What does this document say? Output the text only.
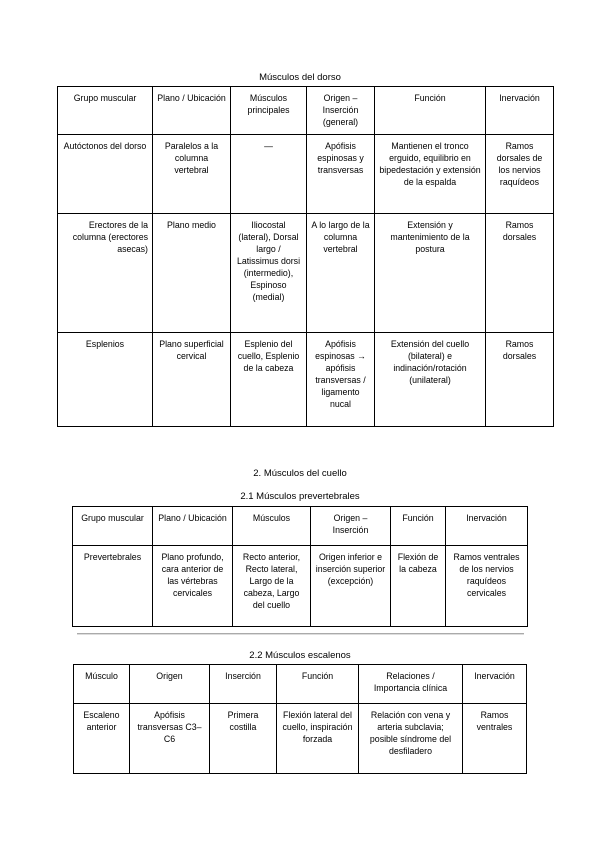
Músculos del dorso
Grupo muscular	Plano / Ubicación	Músculos principales	Origen – Inserción (general)	Función	Inervación
Autóctonos del dorso	Paralelos a la columna vertebral	—	Apófisis espinosas y transversas	Mantienen el tronco erguido, equilibrio en bipedestación y extensión de la espalda	Ramos dorsales de los nervios raquídeos
Erectores de la columna (erectores asecas)	Plano medio	Iliocostal (lateral), Dorsal largo / Latissimus dorsi (intermedio), Espinoso (medial)	A lo largo de la columna vertebral	Extensión y mantenimiento de la postura	Ramos dorsales
Esplenios	Plano superficial cervical	Esplenio del cuello, Esplenio de la cabeza	Apófisis espinosas → apófisis transversas / ligamento nucal	Extensión del cuello (bilateral) e indinación/rotación (unilateral)	Ramos dorsales
2. Músculos del cuello
2.1 Músculos prevertebrales
Grupo muscular	Plano / Ubicación	Músculos	Origen – Inserción	Función	Inervación
Prevertebrales	Plano profundo, cara anterior de las vértebras cervicales	Recto anterior, Recto lateral, Largo de la cabeza, Largo del cuello	Origen inferior e inserción superior (excepción)	Flexión de la cabeza	Ramos ventrales de los nervios raquídeos cervicales
2.2 Músculos escalenos
Músculo	Origen	Inserción	Función	Relaciones / Importancia clínica	Inervación
Escaleno anterior	Apófisis transversas C3–C6	Primera costilla	Flexión lateral del cuello, inspiración forzada	Relación con vena y arteria subclavia; posible síndrome del desfiladero	Ramos ventrales
